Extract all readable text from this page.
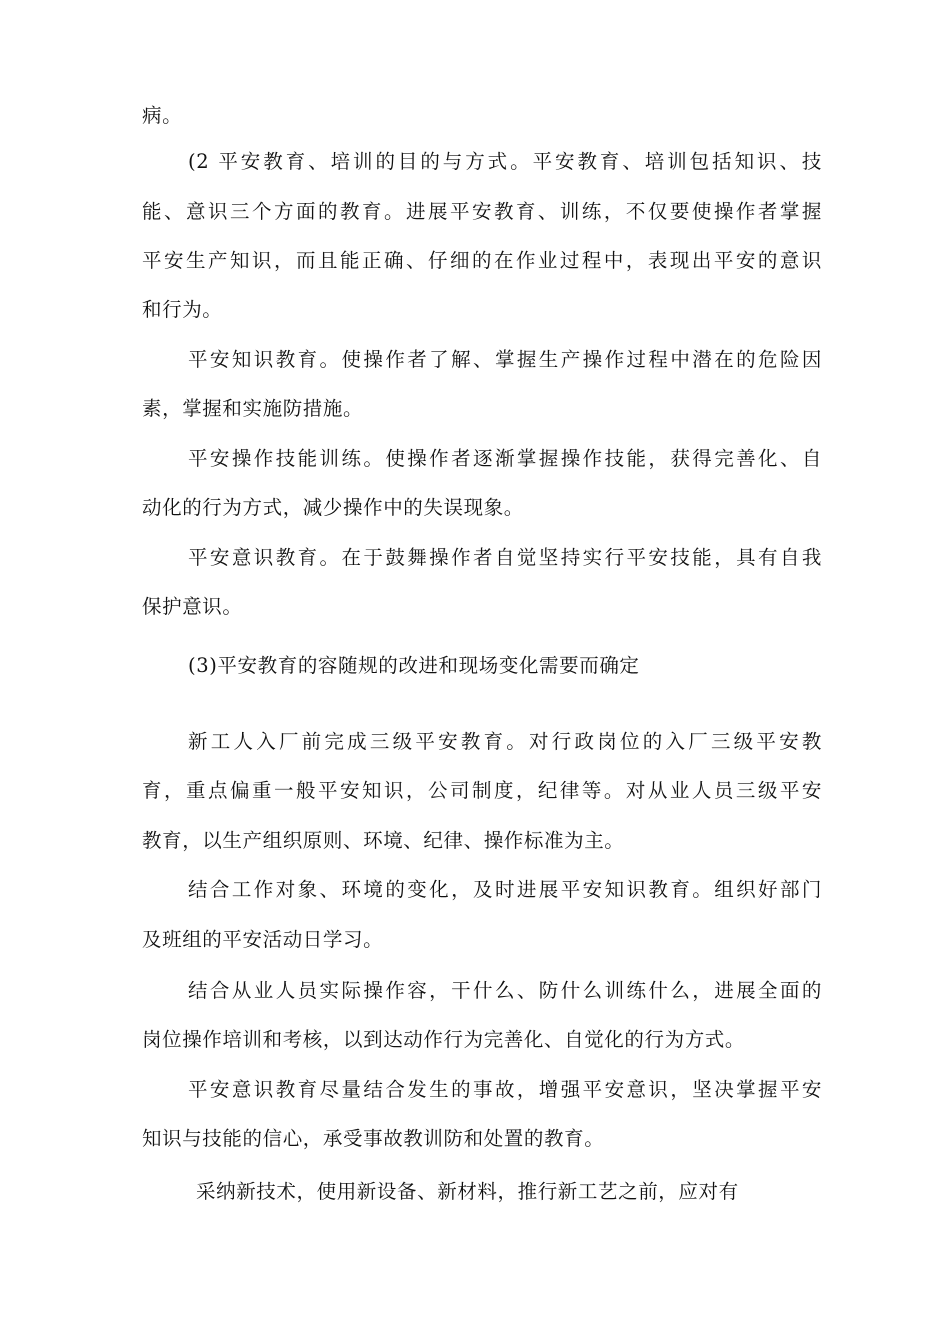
病。
(2 平安教育、培训的目的与方式。平安教育、培训包括知识、技
能、意识三个方面的教育。进展平安教育、训练，不仅要使操作者掌握
平安生产知识，而且能正确、仔细的在作业过程中，表现出平安的意识
和行为。
平安知识教育。使操作者了解、掌握生产操作过程中潜在的危险因
素，掌握和实施防措施。
平安操作技能训练。使操作者逐渐掌握操作技能，获得完善化、自
动化的行为方式，减少操作中的失误现象。
平安意识教育。在于鼓舞操作者自觉坚持实行平安技能，具有自我
保护意识。
(3)平安教育的容随规的改进和现场变化需要而确定
新工人入厂前完成三级平安教育。对行政岗位的入厂三级平安教
育，重点偏重一般平安知识，公司制度，纪律等。对从业人员三级平安
教育，以生产组织原则、环境、纪律、操作标准为主。
结合工作对象、环境的变化，及时进展平安知识教育。组织好部门
及班组的平安活动日学习。
结合从业人员实际操作容，干什么、防什么训练什么，进展全面的
岗位操作培训和考核，以到达动作行为完善化、自觉化的行为方式。
平安意识教育尽量结合发生的事故，增强平安意识，坚决掌握平安
知识与技能的信心，承受事故教训防和处置的教育。
采纳新技术，使用新设备、新材料，推行新工艺之前，应对有
